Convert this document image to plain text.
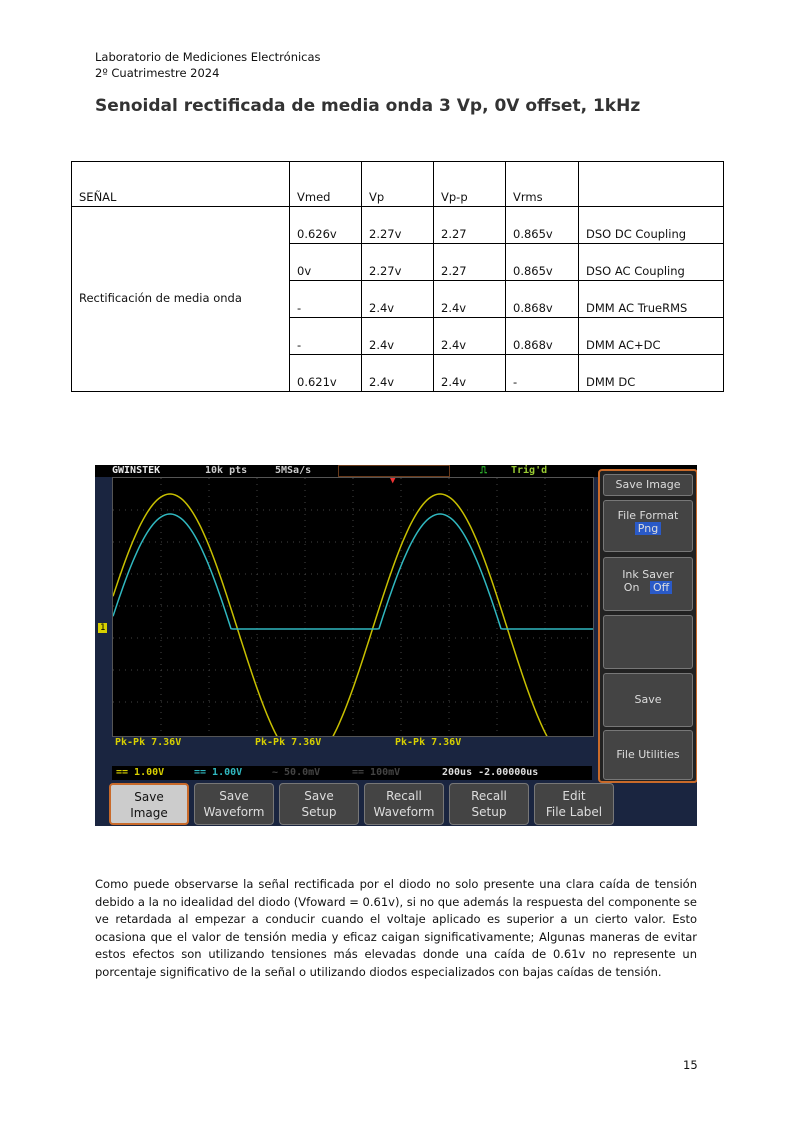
Laboratorio de Mediciones Electrónicas
2º Cuatrimestre 2024
Senoidal rectificada de media onda 3 Vp, 0V offset, 1kHz
SEÑAL	Vmed	Vp	Vp-p	Vrms	
Rectificación de media onda	0.626v	2.27v	2.27	0.865v	DSO DC Coupling
	0v	2.27v	2.27	0.865v	DSO AC Coupling
	-	2.4v	2.4v	0.868v	DMM AC TrueRMS
	-	2.4v	2.4v	0.868v	DMM AC+DC
	0.621v	2.4v	2.4v	-	DMM DC
GWINSTEK	10k pts	5MSa/s	⎍ Trig'd
1
▼
Pk-Pk 7.36V	Pk-Pk 7.36V	Pk-Pk 7.36V
== 1.00V	== 1.00V	~ 50.0mV	== 100mV	200us -2.00000us
Save Image
File Format
Png
Ink Saver
On Off
Save
File Utilities
Save
Image
Save
Waveform
Save
Setup
Recall
Waveform
Recall
Setup
Edit
File Label

Como puede observarse la señal rectificada por el diodo no solo presente una clara caída de tensión debido a la no idealidad del diodo (Vfoward = 0.61v), si no que además la respuesta del componente se ve retardada al empezar a conducir cuando el voltaje aplicado es superior a un cierto valor. Esto ocasiona que el valor de tensión media y eficaz caigan significativamente; Algunas maneras de evitar estos efectos son utilizando tensiones más elevadas donde una caída de 0.61v no represente un porcentaje significativo de la señal o utilizando diodos especializados con bajas caídas de tensión.

15
